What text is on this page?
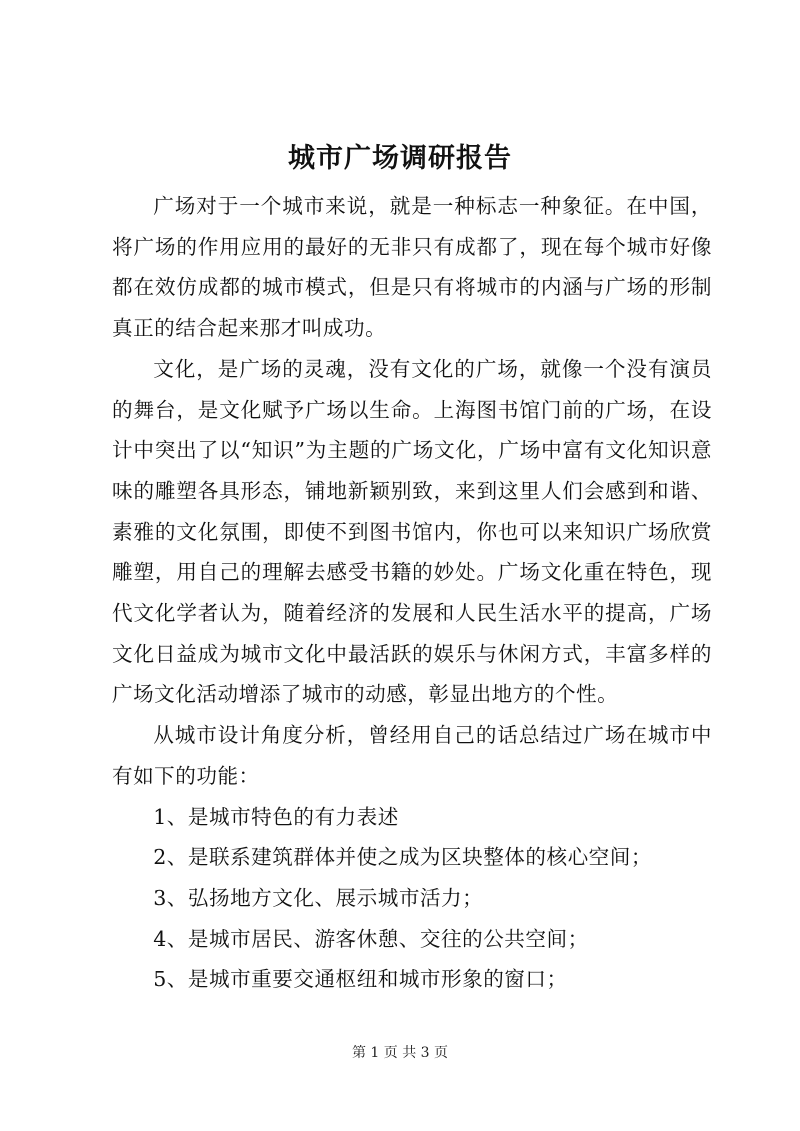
城市广场调研报告

广场对于一个城市来说，就是一种标志一种象征。在中国，将广场的作用应用的最好的无非只有成都了，现在每个城市好像都在效仿成都的城市模式，但是只有将城市的内涵与广场的形制真正的结合起来那才叫成功。

文化，是广场的灵魂，没有文化的广场，就像一个没有演员的舞台，是文化赋予广场以生命。上海图书馆门前的广场，在设计中突出了以“知识”为主题的广场文化，广场中富有文化知识意味的雕塑各具形态，铺地新颖别致，来到这里人们会感到和谐、素雅的文化氛围，即使不到图书馆内，你也可以来知识广场欣赏雕塑，用自己的理解去感受书籍的妙处。广场文化重在特色，现代文化学者认为，随着经济的发展和人民生活水平的提高，广场文化日益成为城市文化中最活跃的娱乐与休闲方式，丰富多样的广场文化活动增添了城市的动感，彰显出地方的个性。

从城市设计角度分析，曾经用自己的话总结过广场在城市中有如下的功能：

1、是城市特色的有力表述

2、是联系建筑群体并使之成为区块整体的核心空间；

3、弘扬地方文化、展示城市活力；

4、是城市居民、游客休憩、交往的公共空间；

5、是城市重要交通枢纽和城市形象的窗口；

第 1 页 共 3 页
